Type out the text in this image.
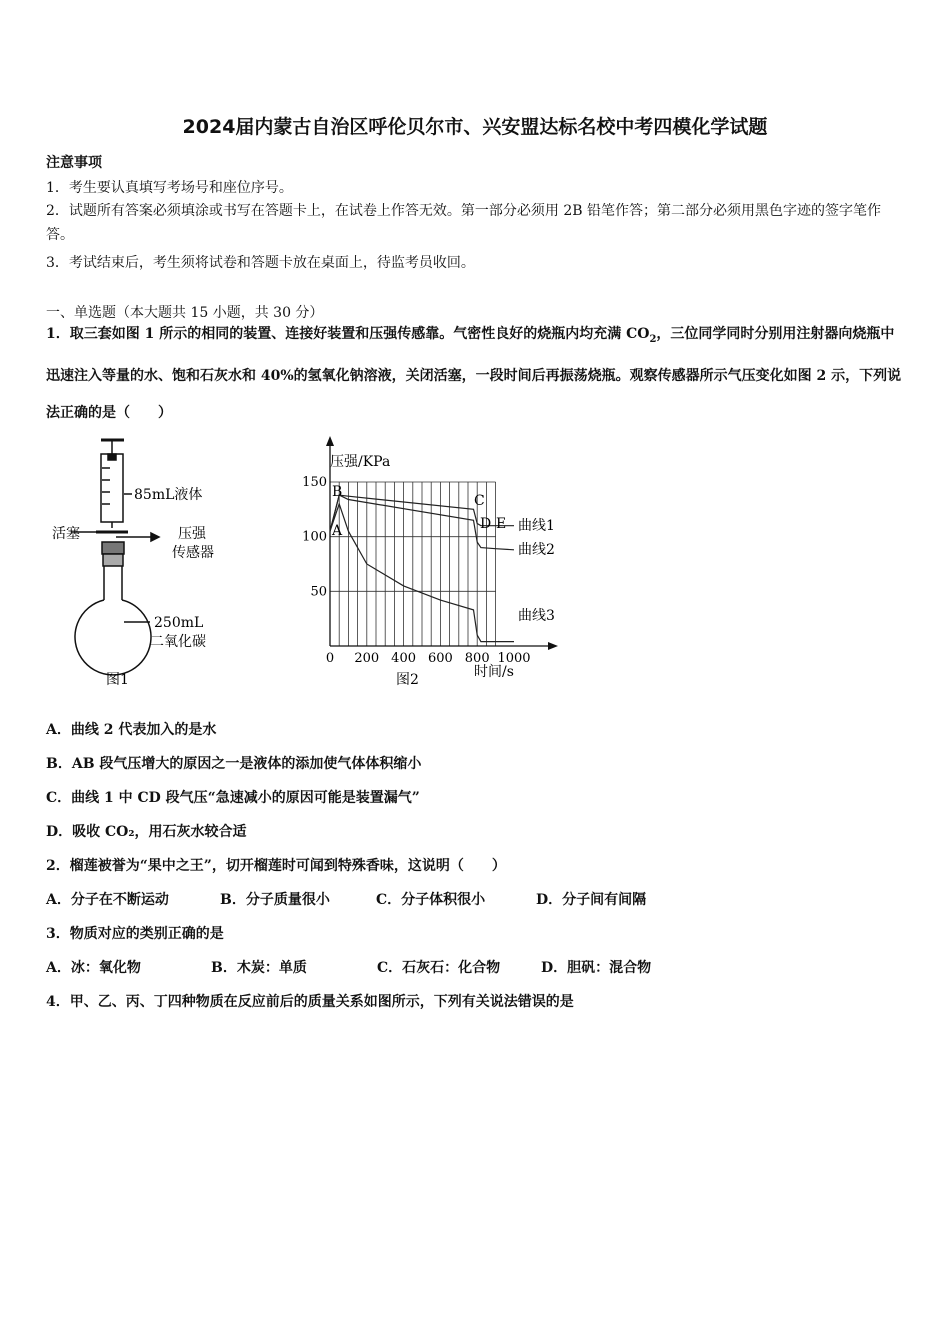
2024届内蒙古自治区呼伦贝尔市、兴安盟达标名校中考四模化学试题
注意事项
1．考生要认真填写考场号和座位序号。
2．试题所有答案必须填涂或书写在答题卡上，在试卷上作答无效。第一部分必须用 2B 铅笔作答；第二部分必须用黑色字迹的签字笔作答。
3．考试结束后，考生须将试卷和答题卡放在桌面上，待监考员收回。
一、单选题（本大题共 15 小题，共 30 分）
1．取三套如图 1 所示的相同的装置、连接好装置和压强传感靠。气密性良好的烧瓶内均充满 $CO_2$，三位同学同时分别用注射器向烧瓶中迅速注入等量的水、饱和石灰水和 40%的氢氧化钠溶液，关闭活塞，一段时间后再振荡烧瓶。观察传感器所示气压变化如图 2 示，下列说法正确的是（　　）
85mL液体
活塞	压强
传感器
250mL
二氧化碳
图1
0 200 400 600 800 1000
50
100
150
曲线1
曲线2
曲线3
A
B
C
D E
压强/KPa
时间/s
图2
A．曲线 2 代表加入的是水
B．AB 段气压增大的原因之一是液体的添加使气体体积缩小
C．曲线 1 中 CD 段气压“急速减小的原因可能是装置漏气”
D．吸收 CO₂，用石灰水较合适
2．榴莲被誉为“果中之王”，切开榴莲时可闻到特殊香味，这说明（　　）
A．分子在不断运动	B．分子质量很小	C．分子体积很小	D．分子间有间隔
3．物质对应的类别正确的是
A．冰：氧化物	B．木炭：单质	C．石灰石：化合物	D．胆矾：混合物
4．甲、乙、丙、丁四种物质在反应前后的质量关系如图所示，下列有关说法错误的是
